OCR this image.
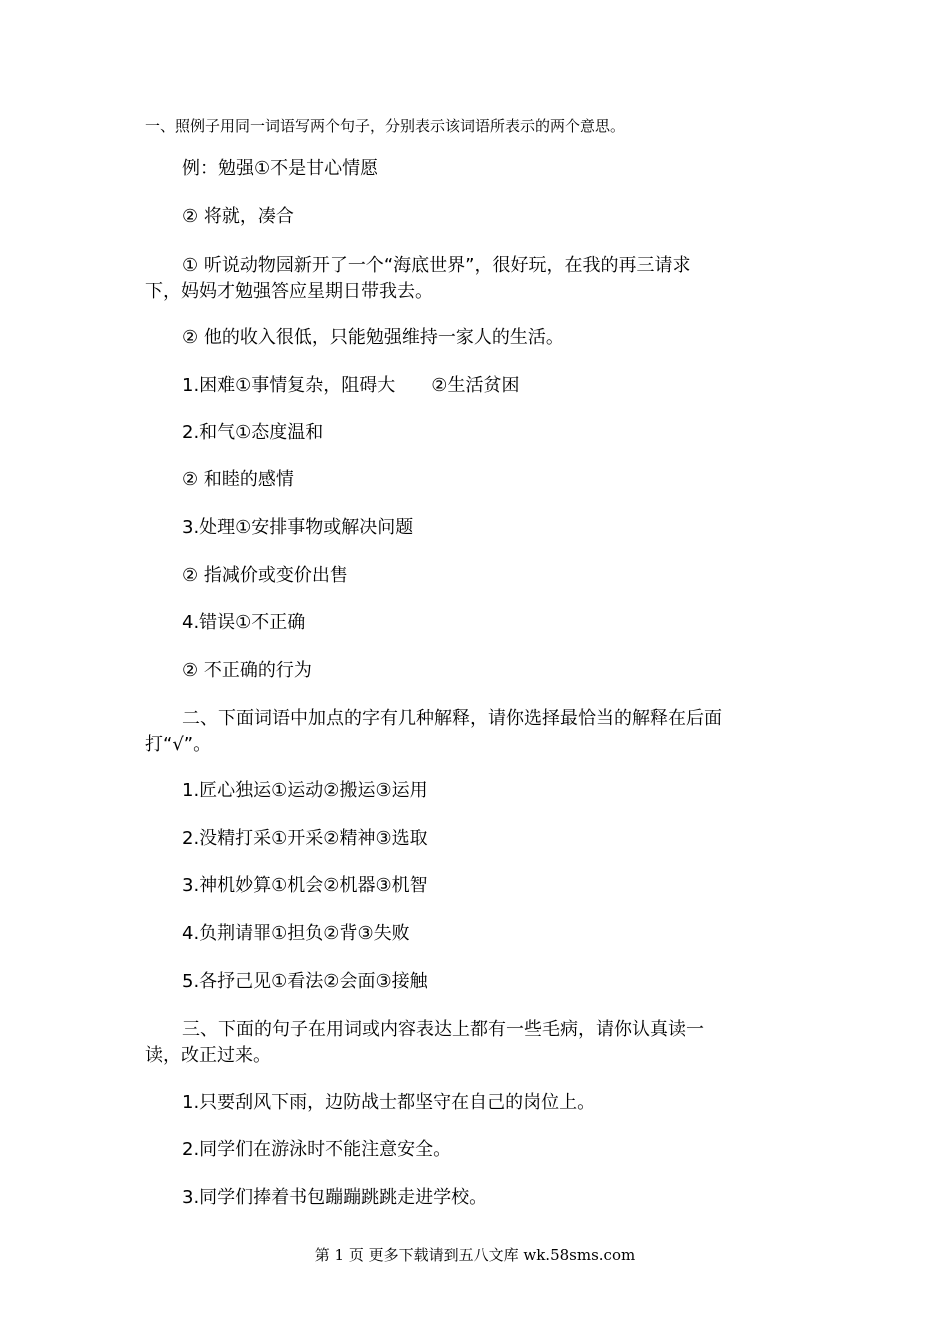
一、照例子用同一词语写两个句子，分别表示该词语所表示的两个意思。
例：勉强①不是甘心情愿
② 将就，凑合
① 听说动物园新开了一个“海底世界”，很好玩，在我的再三请求下，妈妈才勉强答应星期日带我去。
② 他的收入很低，只能勉强维持一家人的生活。
1.困难①事情复杂，阻碍大　　②生活贫困
2.和气①态度温和
② 和睦的感情
3.处理①安排事物或解决问题
② 指减价或变价出售
4.错误①不正确
② 不正确的行为
二、下面词语中加点的字有几种解释，请你选择最恰当的解释在后面打“√”。
1.匠心独运①运动②搬运③运用
2.没精打采①开采②精神③选取
3.神机妙算①机会②机器③机智
4.负荆请罪①担负②背③失败
5.各抒己见①看法②会面③接触
三、下面的句子在用词或内容表达上都有一些毛病，请你认真读一读，改正过来。
1.只要刮风下雨，边防战士都坚守在自己的岗位上。
2.同学们在游泳时不能注意安全。
3.同学们捧着书包蹦蹦跳跳走进学校。
第 1 页 更多下载请到五八文库 wk.58sms.com
